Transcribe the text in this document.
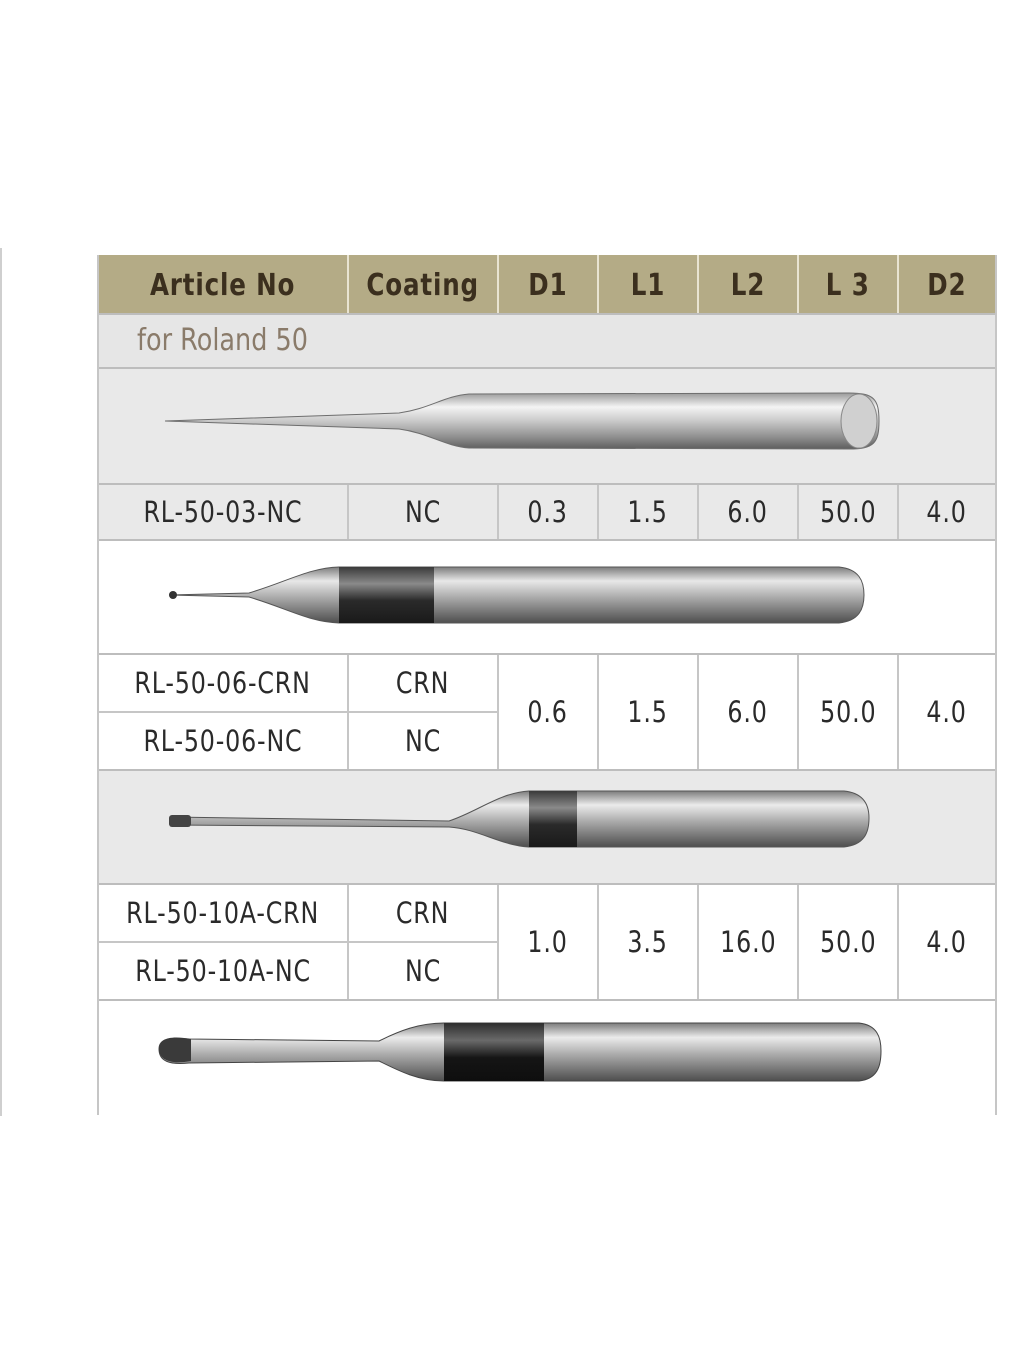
Article No	Coating	D1	L1	L2	L 3	D2
for Roland 50
RL-50-03-NC	NC	0.3 1.5 6.0 50.0 4.0
RL-50-06-CRN	CRN
RL-50-06-NC	NC
0.6 1.5 6.0 50.0 4.0
RL-50-10A-CRN	CRN
RL-50-10A-NC	NC
1.0 3.5 16.0 50.0 4.0
